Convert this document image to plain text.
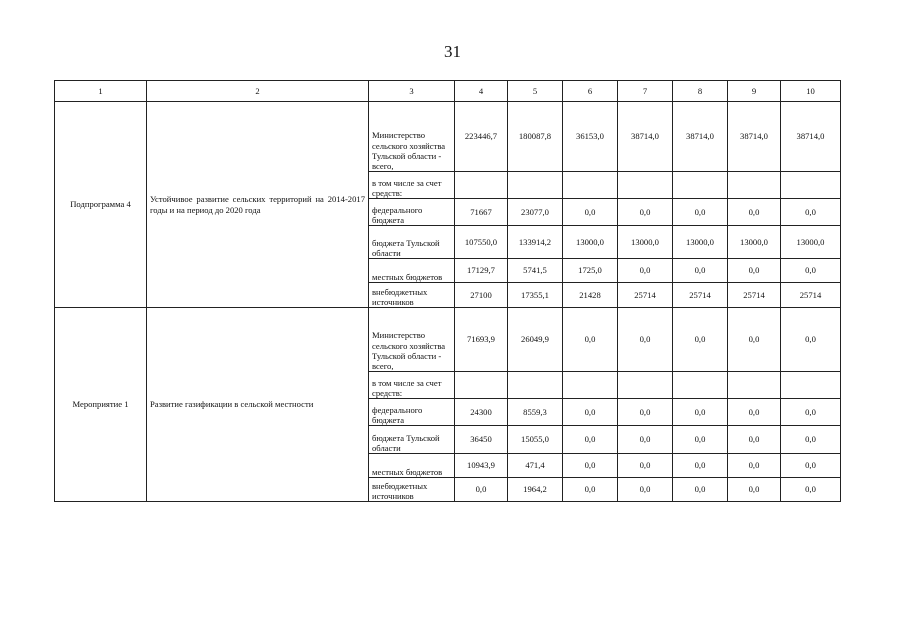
31
1	2	3	4	5	6	7	8	9	10
Подпрограмма 4	Устойчивое развитие сельских территорий на 2014-2017 годы и на период до 2020 года	Министерство сельского хозяйства Тульской области - всего,	223446,7	180087,8	36153,0	38714,0	38714,0	38714,0	38714,0

		в том числе за счет средств:							

		федерального бюджета	71667	23077,0	0,0	0,0	0,0	0,0	0,0

		бюджета Тульской области	107550,0	133914,2	13000,0	13000,0	13000,0	13000,0	13000,0

		местных бюджетов	17129,7	5741,5	1725,0	0,0	0,0	0,0	0,0

		внебюджетных источников	27100	17355,1	21428	25714	25714	25714	25714
Мероприятие 1	Развитие газификации в сельской местности	Министерство сельского хозяйства Тульской области - всего,	71693,9	26049,9	0,0	0,0	0,0	0,0	0,0

		в том числе за счет средств:							

		федерального бюджета	24300	8559,3	0,0	0,0	0,0	0,0	0,0

		бюджета Тульской области	36450	15055,0	0,0	0,0	0,0	0,0	0,0

		местных бюджетов	10943,9	471,4	0,0	0,0	0,0	0,0	0,0

		внебюджетных источников	0,0	1964,2	0,0	0,0	0,0	0,0	0,0
